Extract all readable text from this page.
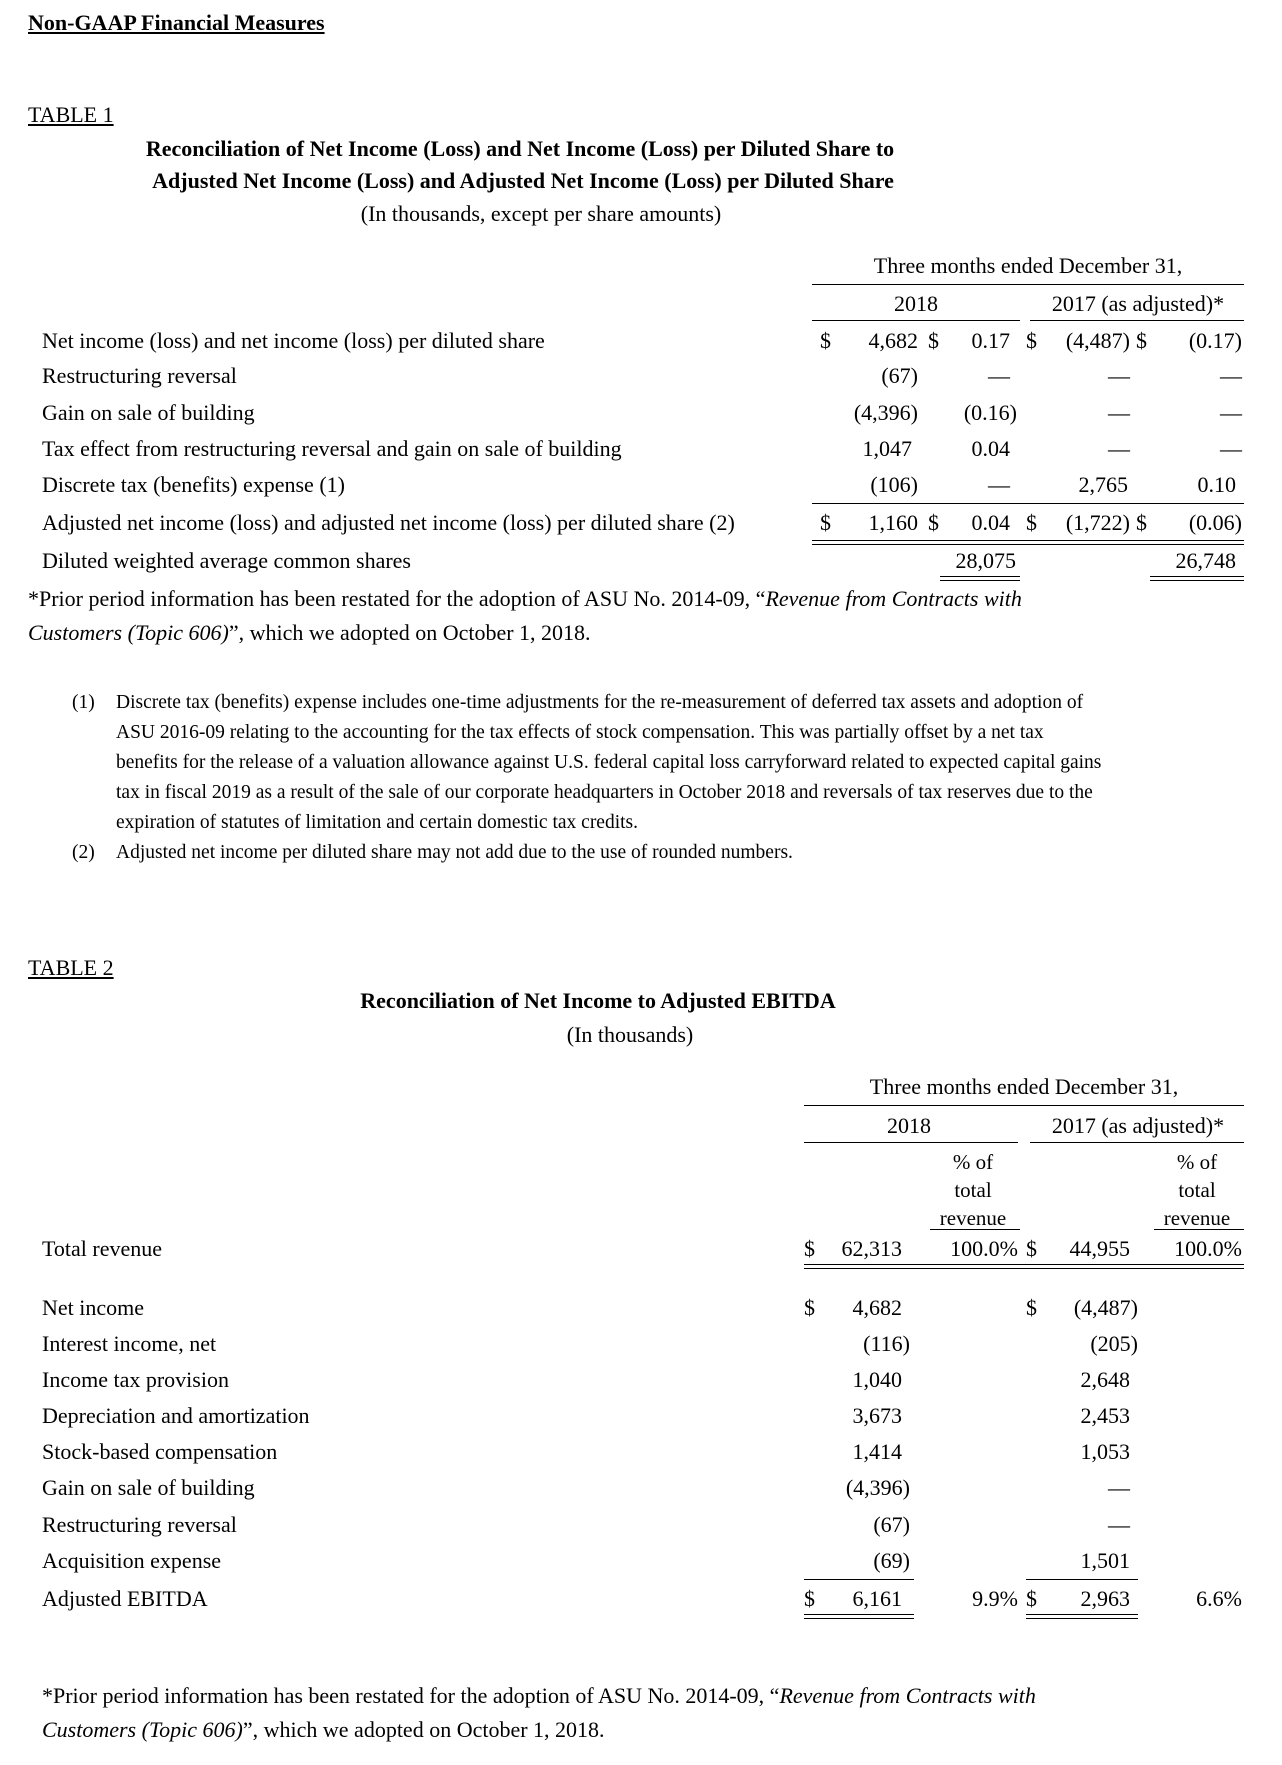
Non-GAAP Financial Measures
TABLE 1
Reconciliation of Net Income (Loss) and Net Income (Loss) per Diluted Share to
Adjusted Net Income (Loss) and Adjusted Net Income (Loss) per Diluted Share
(In thousands, except per share amounts)
Three months ended December 31,
2018	2017 (as adjusted)*
Net income (loss) and net income (loss) per diluted share	$	4,682 $	0.17 $	(4,487) $	(0.17)
Restructuring reversal	(67)	—	—	—
Gain on sale of building	(4,396)	(0.16)	—	—
Tax effect from restructuring reversal and gain on sale of building	1,047	0.04	—	—
Discrete tax (benefits) expense (1)	(106)	—	2,765	0.10
Adjusted net income (loss) and adjusted net income (loss) per diluted share (2)	$	1,160 $	0.04 $	(1,722) $	(0.06)
Diluted weighted average common shares	28,075	26,748
*Prior period information has been restated for the adoption of ASU No. 2014-09, “Revenue from Contracts with
Customers (Topic 606)”, which we adopted on October 1, 2018.
(1) Discrete tax (benefits) expense includes one-time adjustments for the re-measurement of deferred tax assets and adoption of
ASU 2016-09 relating to the accounting for the tax effects of stock compensation. This was partially offset by a net tax
benefits for the release of a valuation allowance against U.S. federal capital loss carryforward related to expected capital gains
tax in fiscal 2019 as a result of the sale of our corporate headquarters in October 2018 and reversals of tax reserves due to the
expiration of statutes of limitation and certain domestic tax credits.
(2) Adjusted net income per diluted share may not add due to the use of rounded numbers.
TABLE 2
Reconciliation of Net Income to Adjusted EBITDA
(In thousands)
Three months ended December 31,
2018	2017 (as adjusted)*
% of
total
revenue
% of
total
revenue
Total revenue	$	62,313	100.0% $	44,955	100.0%
Net income	$	4,682	$	(4,487)
Interest income, net	(116)	(205)
Income tax provision	1,040	2,648
Depreciation and amortization	3,673	2,453
Stock-based compensation	1,414	1,053
Gain on sale of building	(4,396)	—
Restructuring reversal	(67)	—
Acquisition expense	(69)	1,501
Adjusted EBITDA	$	6,161	9.9% $	2,963	6.6%
*Prior period information has been restated for the adoption of ASU No. 2014-09, “Revenue from Contracts with
Customers (Topic 606)”, which we adopted on October 1, 2018.
